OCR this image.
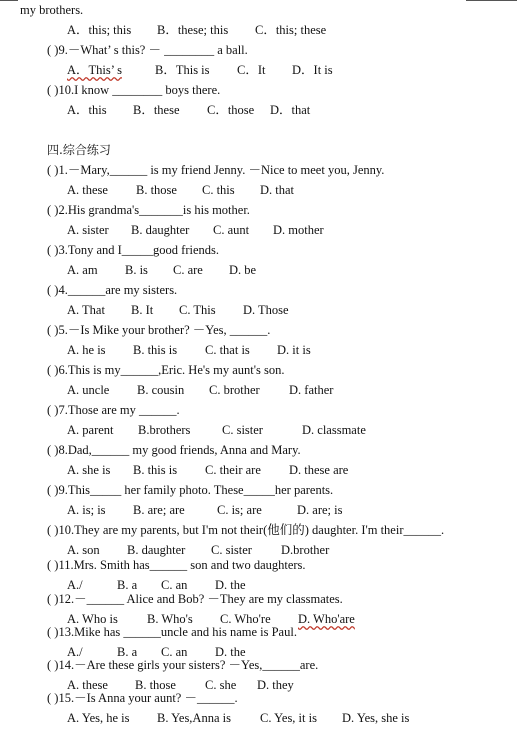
my brothers.
A．this; this B．these; this C．this; these
( )9.－What’ s this? － ________ a ball.
A．This’ s	B．This is C．It D．It is
( )10.I know ________ boys there.
A．this B．these C．those D．that
四.综合练习
( )1.－Mary,______ is my friend Jenny. －Nice to meet you, Jenny.
A. these B. those C. this D. that
( )2.His grandma's_______is his mother.
A. sister B. daughter C. aunt D. mother
( )3.Tony and I_____good friends.
A. am B. is C. are D. be
( )4.______are my sisters.
A. That B. It C. This D. Those
( )5.－Is Mike your brother? －Yes, ______.
A. he is B. this is C. that is D. it is
( )6.This is my______,Eric. He's my aunt's son.
A. uncle B. cousin C. brother D. father
( )7.Those are my ______.
A. parent B.brothers	C. sister	D. classmate
( )8.Dad,______ my good friends, Anna and Mary.
A. she is B. this is C. their are D. these are
( )9.This_____ her family photo. These_____her parents.
A. is; is B. are; are	C. is; are	D. are; is
( )10.They are my parents, but I'm not their(他们的) daughter. I'm their______.
A. son B. daughter C. sister D.brother
( )11.Mrs. Smith has______ son and two daughters.
A./	B. a C. an D. the
( )12.－______ Alice and Bob? －They are my classmates.
A. Who is B. Who's C. Who're D. Who'are
( )13.Mike has ______uncle and his name is Paul.
A./	B. a C. an D. the
( )14.－Are these girls your sisters? －Yes,______are.
A. these B. those C. she D. they
( )15.－Is Anna your aunt? －______.
A. Yes, he is B. Yes,Anna is C. Yes, it is D. Yes, she is
